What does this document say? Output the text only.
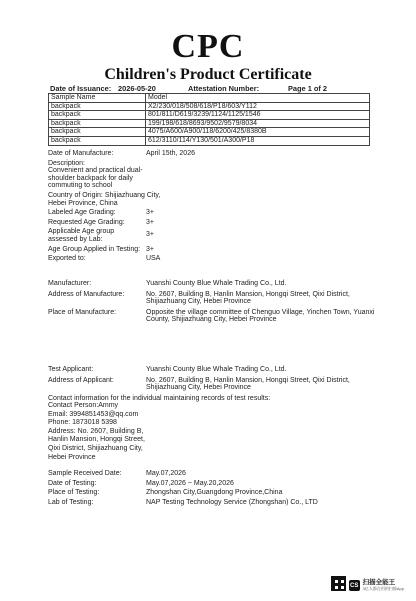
CPC
Children's Product Certificate
Date of Issuance: 2026-05-20	Attestation Number:	Page 1 of 2
Sample Name	Model
backpack	X2/230/018/508/618/P18/603/Y112
backpack	801/811/D619/3239/1124/1125/1546
backpack	199/198/618/8693/9502/9579/8034
backpack	4075/A600/A900/118/6200/425/8380B
backpack	612/3110/114/Y130/501/A300/P18
Date of Manufacture:	April 15th, 2026
Description:
Convenient and practical dual-shoulder backpack for daily commuting to school
Country of Origin: Shijiazhuang City, Hebei Province, China
Labeled Age Grading:	3+
Requested Age Grading:	3+
Applicable Age group assessed by Lab: 3+
Age Group Applied in Testing: 3+
Exported to:	USA
Manufacturer:	Yuanshi County Blue Whale Trading Co., Ltd.
Address of Manufacture:	No. 2607, Building B, Hanlin Mansion, Hongqi Street, Qixi District, Shijiazhuang City, Hebei Province
Place of Manufacture:	Opposite the village committee of Chenguo Village, Yinchen Town, Yuanxi County, Shijiazhuang City, Hebei Province
Test Applicant:	Yuanshi County Blue Whale Trading Co., Ltd.
Address of Applicant:	No. 2607, Building B, Hanlin Mansion, Hongqi Street, Qixi District, Shijiazhuang City, Hebei Province
Contact information for the individual maintaining records of test results:
Contact Person:Ammy
Email: 3994851453@qq.com
Phone: 1873018 5398
Address: No. 2607, Building B,
Hanlin Mansion, Hongqi Street,
Qixi District, Shijiazhuang City,
Hebei Province
Sample Received Date:	May.07,2026
Date of Testing:	May.07,2026 ~ May.20,2026
Place of Testing:	Zhongshan City,Guangdong Province,China
Lab of Testing:	NAP Testing Technology Service (Zhongshan) Co., LTD
CS 扫描全能王
3亿人都在用的扫描App
